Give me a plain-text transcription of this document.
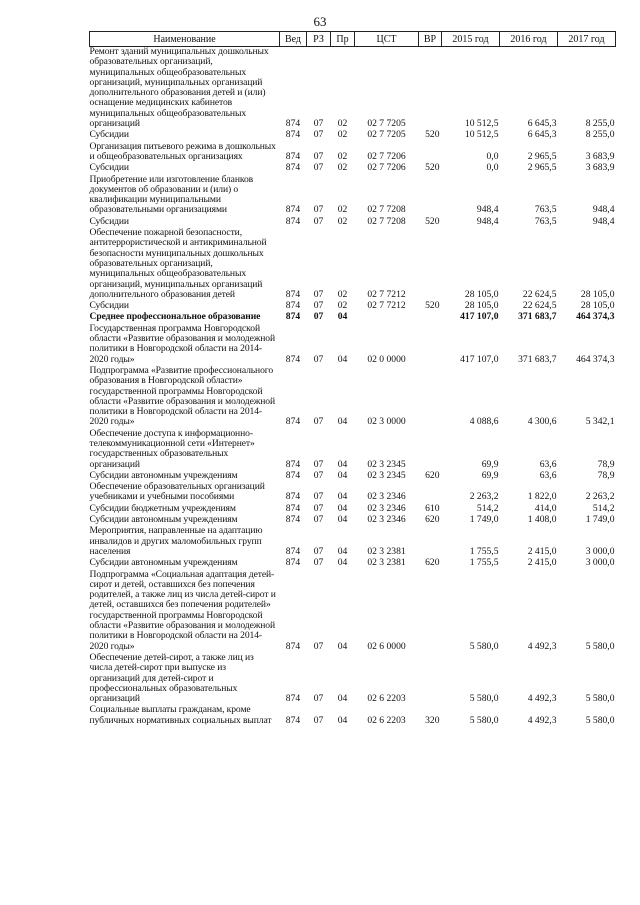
63
Наименование	Вед	РЗ	Пр	ЦСТ	ВР	2015 год	2016 год	2017 год
Ремонт зданий муниципальных дошкольных образовательных организаций, муниципальных общеобразовательных организаций, муниципальных организаций дополнительного образования детей и (или) оснащение медицинских кабинетов муниципальных общеобразовательных организаций	874	07	02	02 7 7205		10 512,5	6 645,3	8 255,0
Субсидии	874	07	02	02 7 7205	520	10 512,5	6 645,3	8 255,0
Организация питьевого режима в дошкольных и общеобразовательных организациях	874	07	02	02 7 7206		0,0	2 965,5	3 683,9
Субсидии	874	07	02	02 7 7206	520	0,0	2 965,5	3 683,9
Приобретение или изготовление бланков документов об образовании и (или) о квалификации муниципальными образовательными организациями	874	07	02	02 7 7208		948,4	763,5	948,4
Субсидии	874	07	02	02 7 7208	520	948,4	763,5	948,4
Обеспечение пожарной безопасности, антитеррористической и антикриминальной безопасности муниципальных дошкольных образовательных организаций, муниципальных общеобразовательных организаций, муниципальных организаций дополнительного образования детей	874	07	02	02 7 7212		28 105,0	22 624,5	28 105,0
Субсидии	874	07	02	02 7 7212	520	28 105,0	22 624,5	28 105,0
Среднее профессиональное образование	874	07	04			417 107,0	371 683,7	464 374,3
Государственная программа Новгородской области «Развитие образования и молодежной политики в Новгородской области на 2014-2020 годы»	874	07	04	02 0 0000		417 107,0	371 683,7	464 374,3
Подпрограмма «Развитие профессионального образования в Новгородской области» государственной программы Новгородской области «Развитие образования и молодежной политики в Новгородской области на 2014-2020 годы»	874	07	04	02 3 0000		4 088,6	4 300,6	5 342,1
Обеспечение доступа к информационно-телекоммуникационной сети «Интернет» государственных образовательных организаций	874	07	04	02 3 2345		69,9	63,6	78,9
Субсидии автономным учреждениям	874	07	04	02 3 2345	620	69,9	63,6	78,9
Обеспечение образовательных организаций учебниками и учебными пособиями	874	07	04	02 3 2346		2 263,2	1 822,0	2 263,2
Субсидии бюджетным учреждениям	874	07	04	02 3 2346	610	514,2	414,0	514,2
Субсидии автономным учреждениям	874	07	04	02 3 2346	620	1 749,0	1 408,0	1 749,0
Мероприятия, направленные на адаптацию инвалидов и других маломобильных групп населения	874	07	04	02 3 2381		1 755,5	2 415,0	3 000,0
Субсидии автономным учреждениям	874	07	04	02 3 2381	620	1 755,5	2 415,0	3 000,0
Подпрограмма «Социальная адаптация детей-сирот и детей, оставшихся без попечения родителей, а также лиц из числа детей-сирот и детей, оставшихся без попечения родителей» государственной программы Новгородской области «Развитие образования и молодежной политики в Новгородской области на 2014-2020 годы»	874	07	04	02 6 0000		5 580,0	4 492,3	5 580,0
Обеспечение детей-сирот, а также лиц из числа детей-сирот при выпуске из организаций для детей-сирот и профессиональных образовательных организаций	874	07	04	02 6 2203		5 580,0	4 492,3	5 580,0
Социальные выплаты гражданам, кроме публичных нормативных социальных выплат	874	07	04	02 6 2203	320	5 580,0	4 492,3	5 580,0
